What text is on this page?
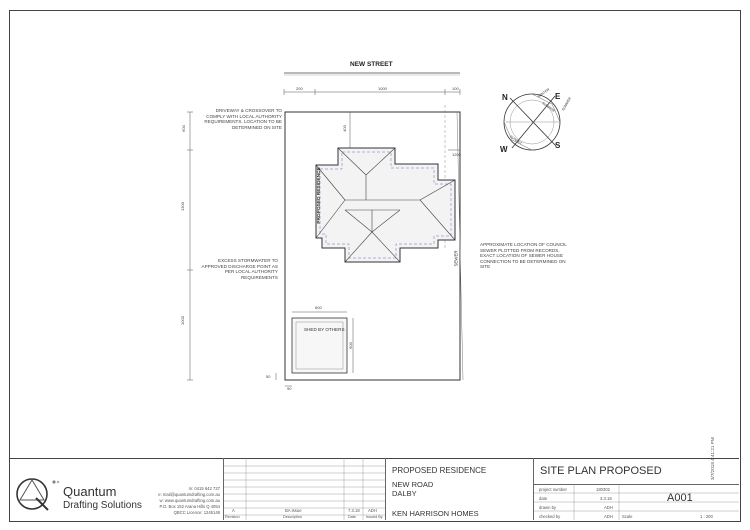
NEW STREET
200	1000	100
600
1300
1000
50
400
1200
600
600
90
DRIVEWAY & CROSSOVER TO COMPLY WITH LOCAL AUTHORITY REQUIREMENTS. LOCATION TO BE DETERMINED ON SITE
EXCESS STORMWATER TO APPROVED DISCHARGE POINT AS PER LOCAL AUTHORITY REQUIREMENTS
APPROXIMATE LOCATION OF COUNCIL SEWER PLOTTED FROM RECORDS. EXACT LOCATION OF SEWER HOUSE CONNECTION TO BE DETERMINED ON SITE
PROPOSED RESIDENCE
SEWER
SHED BY OTHERS
N	E
S
W
WINTER
SUNRISE SUMMER
SUNSET
3/7/2018 4:41:21 PM
Quantum
Drafting Solutions
m: 0415 642 727
e: mail@quantumdrafting.com.au
w: www.quantumdrafting.com.au
P.O. Box 152 Arana Hills Q 4054
QBCC Licence: 1245148	A	BA Issue	7.3.18 ADH
Revision	Description	Date	Issued By
PROPOSED RESIDENCE
NEW ROAD
DALBY
KEN HARRISON HOMES
SITE PLAN PROPOSED
project number	180302
date	3.3.18
drawn by	ADH
checked by	ADH
A001
Scale	1 : 200
